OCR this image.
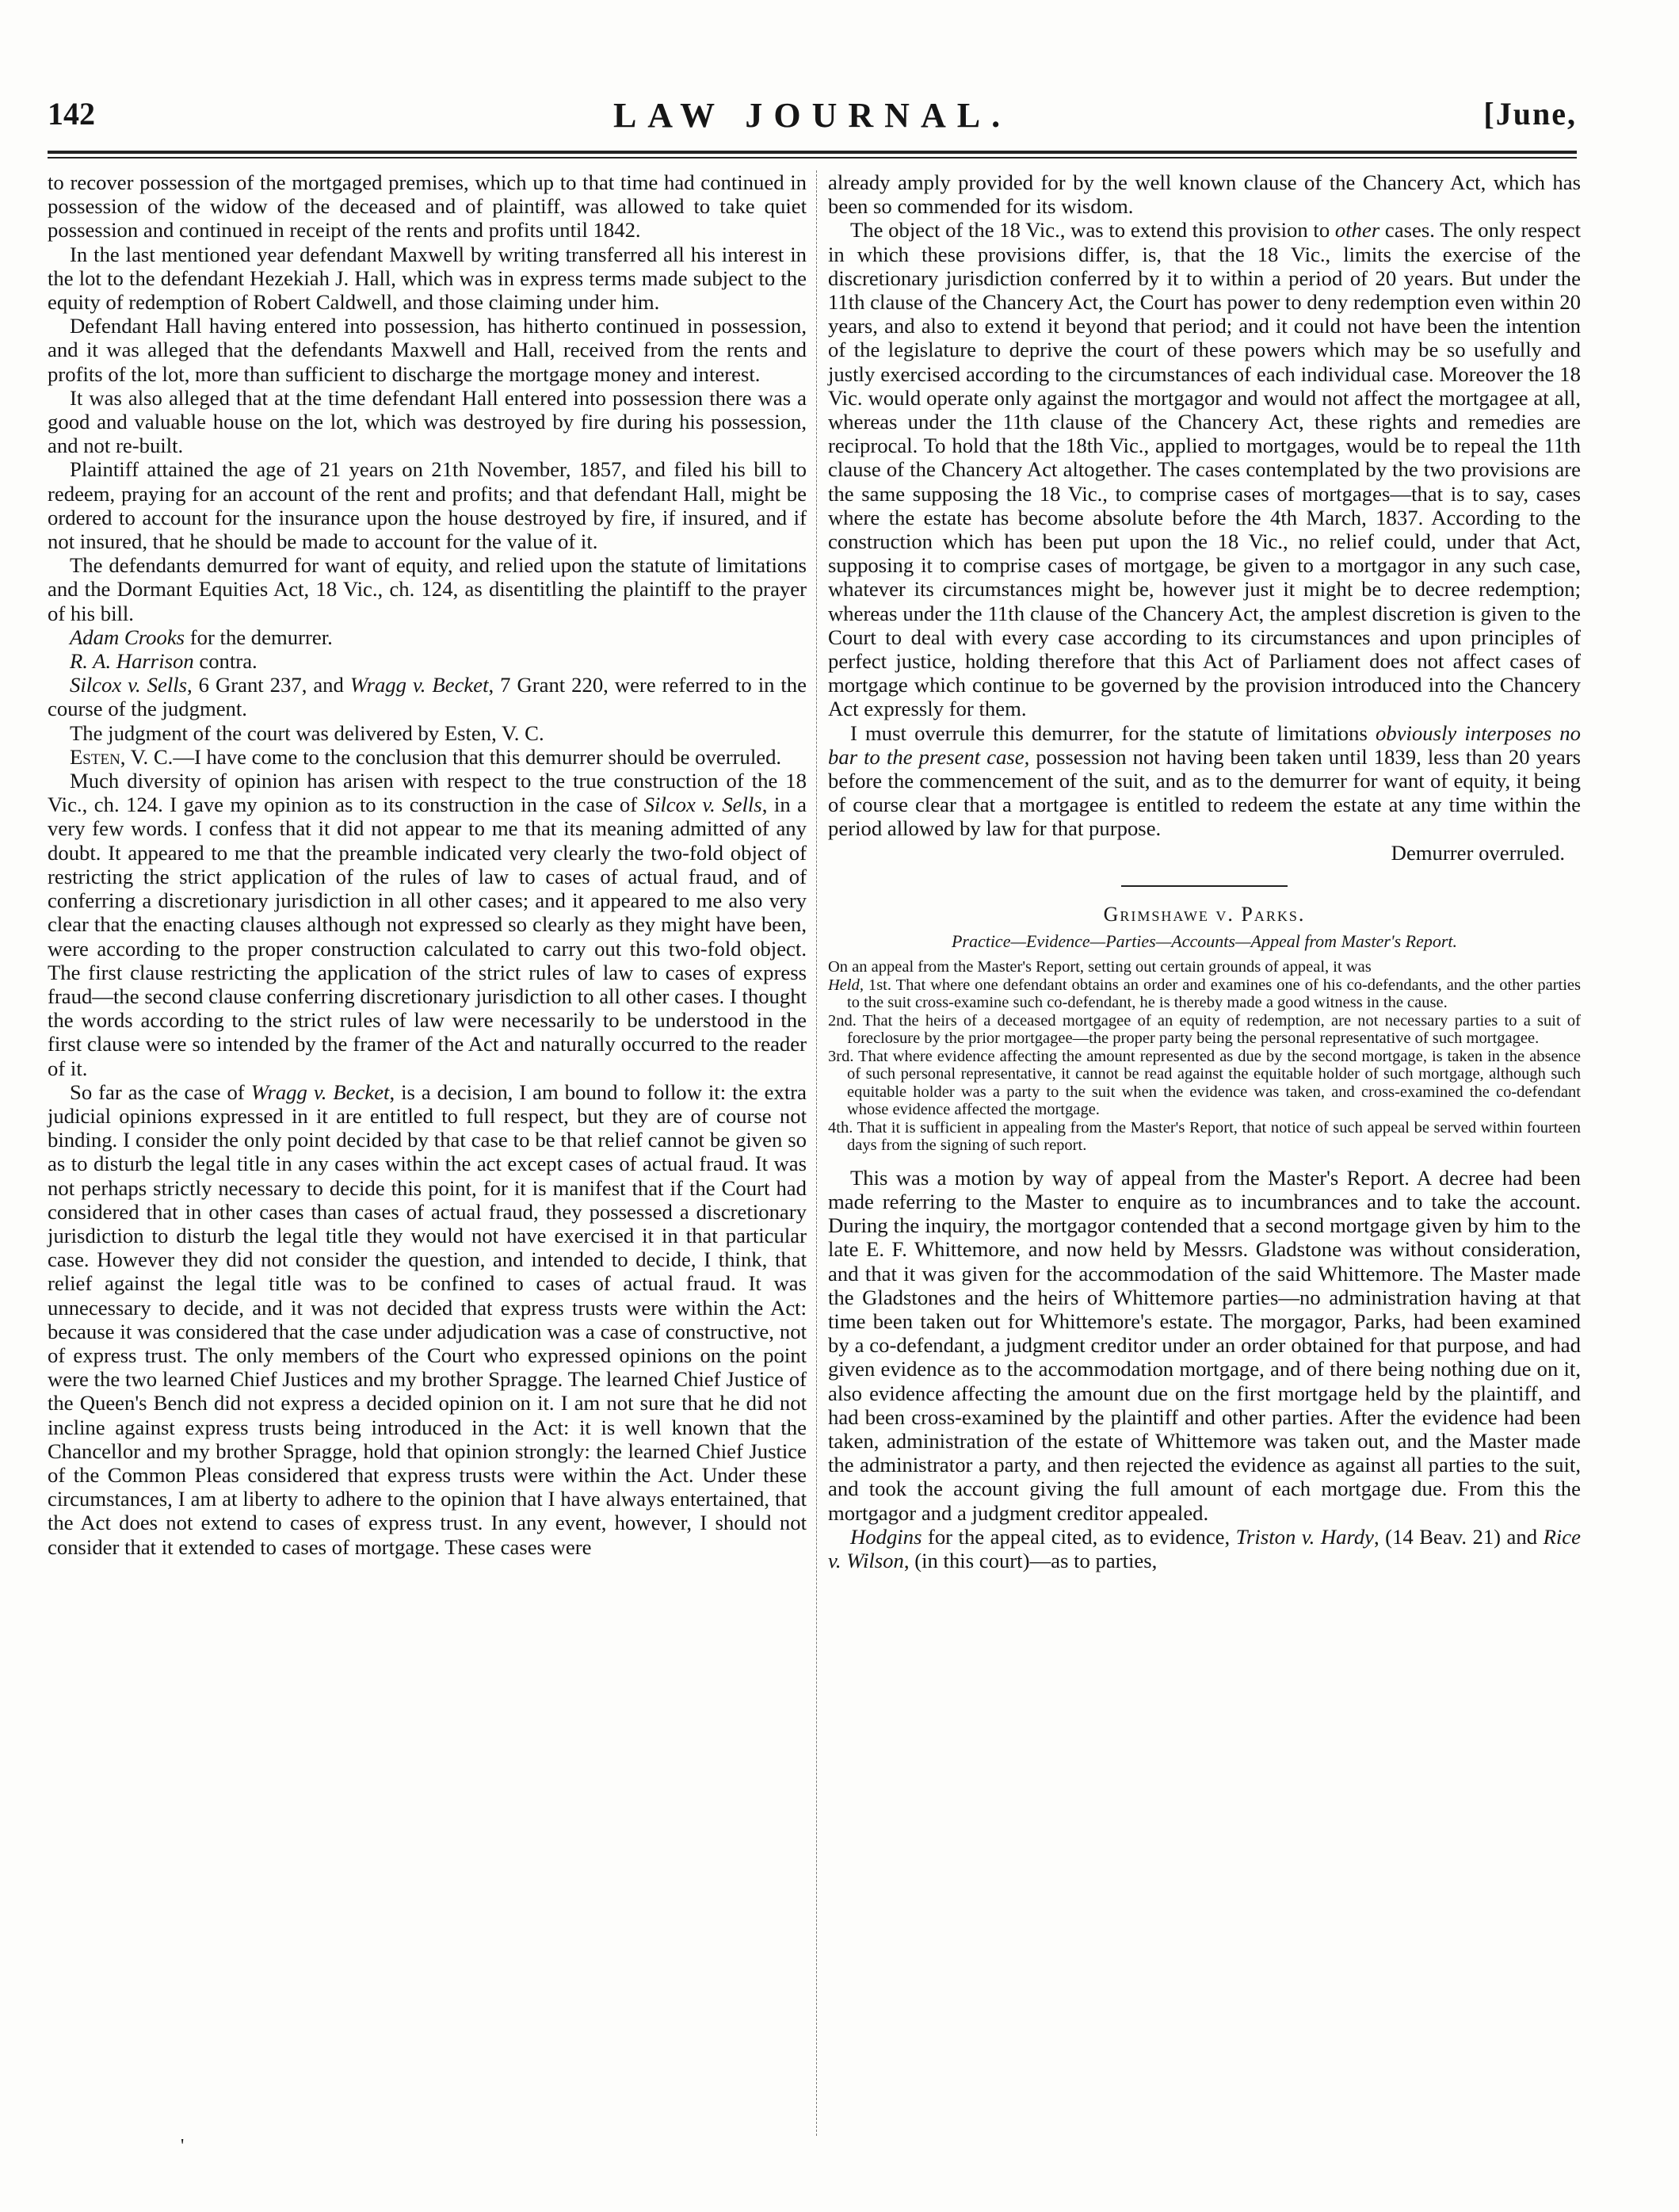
142	LAW JOURNAL.	[June,

to recover possession of the mortgaged premises, which up to that time had continued in possession of the widow of the deceased and of plaintiff, was allowed to take quiet possession and continued in receipt of the rents and profits until 1842.

In the last mentioned year defendant Maxwell by writing transferred all his interest in the lot to the defendant Hezekiah J. Hall, which was in express terms made subject to the equity of redemption of Robert Caldwell, and those claiming under him.

Defendant Hall having entered into possession, has hitherto continued in possession, and it was alleged that the defendants Maxwell and Hall, received from the rents and profits of the lot, more than sufficient to discharge the mortgage money and interest.

It was also alleged that at the time defendant Hall entered into possession there was a good and valuable house on the lot, which was destroyed by fire during his possession, and not re-built.

Plaintiff attained the age of 21 years on 21th November, 1857, and filed his bill to redeem, praying for an account of the rent and profits; and that defendant Hall, might be ordered to account for the insurance upon the house destroyed by fire, if insured, and if not insured, that he should be made to account for the value of it.

The defendants demurred for want of equity, and relied upon the statute of limitations and the Dormant Equities Act, 18 Vic., ch. 124, as disentitling the plaintiff to the prayer of his bill.

Adam Crooks for the demurrer.

R. A. Harrison contra.

Silcox v. Sells, 6 Grant 237, and Wragg v. Becket, 7 Grant 220, were referred to in the course of the judgment.

The judgment of the court was delivered by Esten, V. C.

Esten, V. C.—I have come to the conclusion that this demurrer should be overruled.

Much diversity of opinion has arisen with respect to the true construction of the 18 Vic., ch. 124. I gave my opinion as to its construction in the case of Silcox v. Sells, in a very few words. I confess that it did not appear to me that its meaning admitted of any doubt. It appeared to me that the preamble indicated very clearly the two-fold object of restricting the strict application of the rules of law to cases of actual fraud, and of conferring a discretionary jurisdiction in all other cases; and it appeared to me also very clear that the enacting clauses although not expressed so clearly as they might have been, were according to the proper construction calculated to carry out this two-fold object. The first clause restricting the application of the strict rules of law to cases of express fraud—the second clause conferring discretionary jurisdiction to all other cases. I thought the words according to the strict rules of law were necessarily to be understood in the first clause were so intended by the framer of the Act and naturally occurred to the reader of it.

So far as the case of Wragg v. Becket, is a decision, I am bound to follow it: the extra judicial opinions expressed in it are entitled to full respect, but they are of course not binding. I consider the only point decided by that case to be that relief cannot be given so as to disturb the legal title in any cases within the act except cases of actual fraud. It was not perhaps strictly necessary to decide this point, for it is manifest that if the Court had considered that in other cases than cases of actual fraud, they possessed a discretionary jurisdiction to disturb the legal title they would not have exercised it in that particular case. However they did not consider the question, and intended to decide, I think, that relief against the legal title was to be confined to cases of actual fraud. It was unnecessary to decide, and it was not decided that express trusts were within the Act: because it was considered that the case under adjudication was a case of constructive, not of express trust. The only members of the Court who expressed opinions on the point were the two learned Chief Justices and my brother Spragge. The learned Chief Justice of the Queen's Bench did not express a decided opinion on it. I am not sure that he did not incline against express trusts being introduced in the Act: it is well known that the Chancellor and my brother Spragge, hold that opinion strongly: the learned Chief Justice of the Common Pleas considered that express trusts were within the Act. Under these circumstances, I am at liberty to adhere to the opinion that I have always entertained, that the Act does not extend to cases of express trust. In any event, however, I should not consider that it extended to cases of mortgage. These cases were

already amply provided for by the well known clause of the Chancery Act, which has been so commended for its wisdom.

The object of the 18 Vic., was to extend this provision to other cases. The only respect in which these provisions differ, is, that the 18 Vic., limits the exercise of the discretionary jurisdiction conferred by it to within a period of 20 years. But under the 11th clause of the Chancery Act, the Court has power to deny redemption even within 20 years, and also to extend it beyond that period; and it could not have been the intention of the legislature to deprive the court of these powers which may be so usefully and justly exercised according to the circumstances of each individual case. Moreover the 18 Vic. would operate only against the mortgagor and would not affect the mortgagee at all, whereas under the 11th clause of the Chancery Act, these rights and remedies are reciprocal. To hold that the 18th Vic., applied to mortgages, would be to repeal the 11th clause of the Chancery Act altogether. The cases contemplated by the two provisions are the same supposing the 18 Vic., to comprise cases of mortgages—that is to say, cases where the estate has become absolute before the 4th March, 1837. According to the construction which has been put upon the 18 Vic., no relief could, under that Act, supposing it to comprise cases of mortgage, be given to a mortgagor in any such case, whatever its circumstances might be, however just it might be to decree redemption; whereas under the 11th clause of the Chancery Act, the amplest discretion is given to the Court to deal with every case according to its circumstances and upon principles of perfect justice, holding therefore that this Act of Parliament does not affect cases of mortgage which continue to be governed by the provision introduced into the Chancery Act expressly for them.

I must overrule this demurrer, for the statute of limitations obviously interposes no bar to the present case, possession not having been taken until 1839, less than 20 years before the commencement of the suit, and as to the demurrer for want of equity, it being of course clear that a mortgagee is entitled to redeem the estate at any time within the period allowed by law for that purpose.

Demurrer overruled.

Grimshawe v. Parks.
Practice—Evidence—Parties—Accounts—Appeal from Master's Report.

On an appeal from the Master's Report, setting out certain grounds of appeal, it was

Held, 1st. That where one defendant obtains an order and examines one of his co-defendants, and the other parties to the suit cross-examine such co-defendant, he is thereby made a good witness in the cause.

2nd. That the heirs of a deceased mortgagee of an equity of redemption, are not necessary parties to a suit of foreclosure by the prior mortgagee—the proper party being the personal representative of such mortgagee.

3rd. That where evidence affecting the amount represented as due by the second mortgage, is taken in the absence of such personal representative, it cannot be read against the equitable holder of such mortgage, although such equitable holder was a party to the suit when the evidence was taken, and cross-examined the co-defendant whose evidence affected the mortgage.

4th. That it is sufficient in appealing from the Master's Report, that notice of such appeal be served within fourteen days from the signing of such report.

This was a motion by way of appeal from the Master's Report. A decree had been made referring to the Master to enquire as to incumbrances and to take the account. During the inquiry, the mortgagor contended that a second mortgage given by him to the late E. F. Whittemore, and now held by Messrs. Gladstone was without consideration, and that it was given for the accommodation of the said Whittemore. The Master made the Gladstones and the heirs of Whittemore parties—no administration having at that time been taken out for Whittemore's estate. The morgagor, Parks, had been examined by a co-defendant, a judgment creditor under an order obtained for that purpose, and had given evidence as to the accommodation mortgage, and of there being nothing due on it, also evidence affecting the amount due on the first mortgage held by the plaintiff, and had been cross-examined by the plaintiff and other parties. After the evidence had been taken, administration of the estate of Whittemore was taken out, and the Master made the administrator a party, and then rejected the evidence as against all parties to the suit, and took the account giving the full amount of each mortgage due. From this the mortgagor and a judgment creditor appealed.

Hodgins for the appeal cited, as to evidence, Triston v. Hardy, (14 Beav. 21) and Rice v. Wilson, (in this court)—as to parties,

'
